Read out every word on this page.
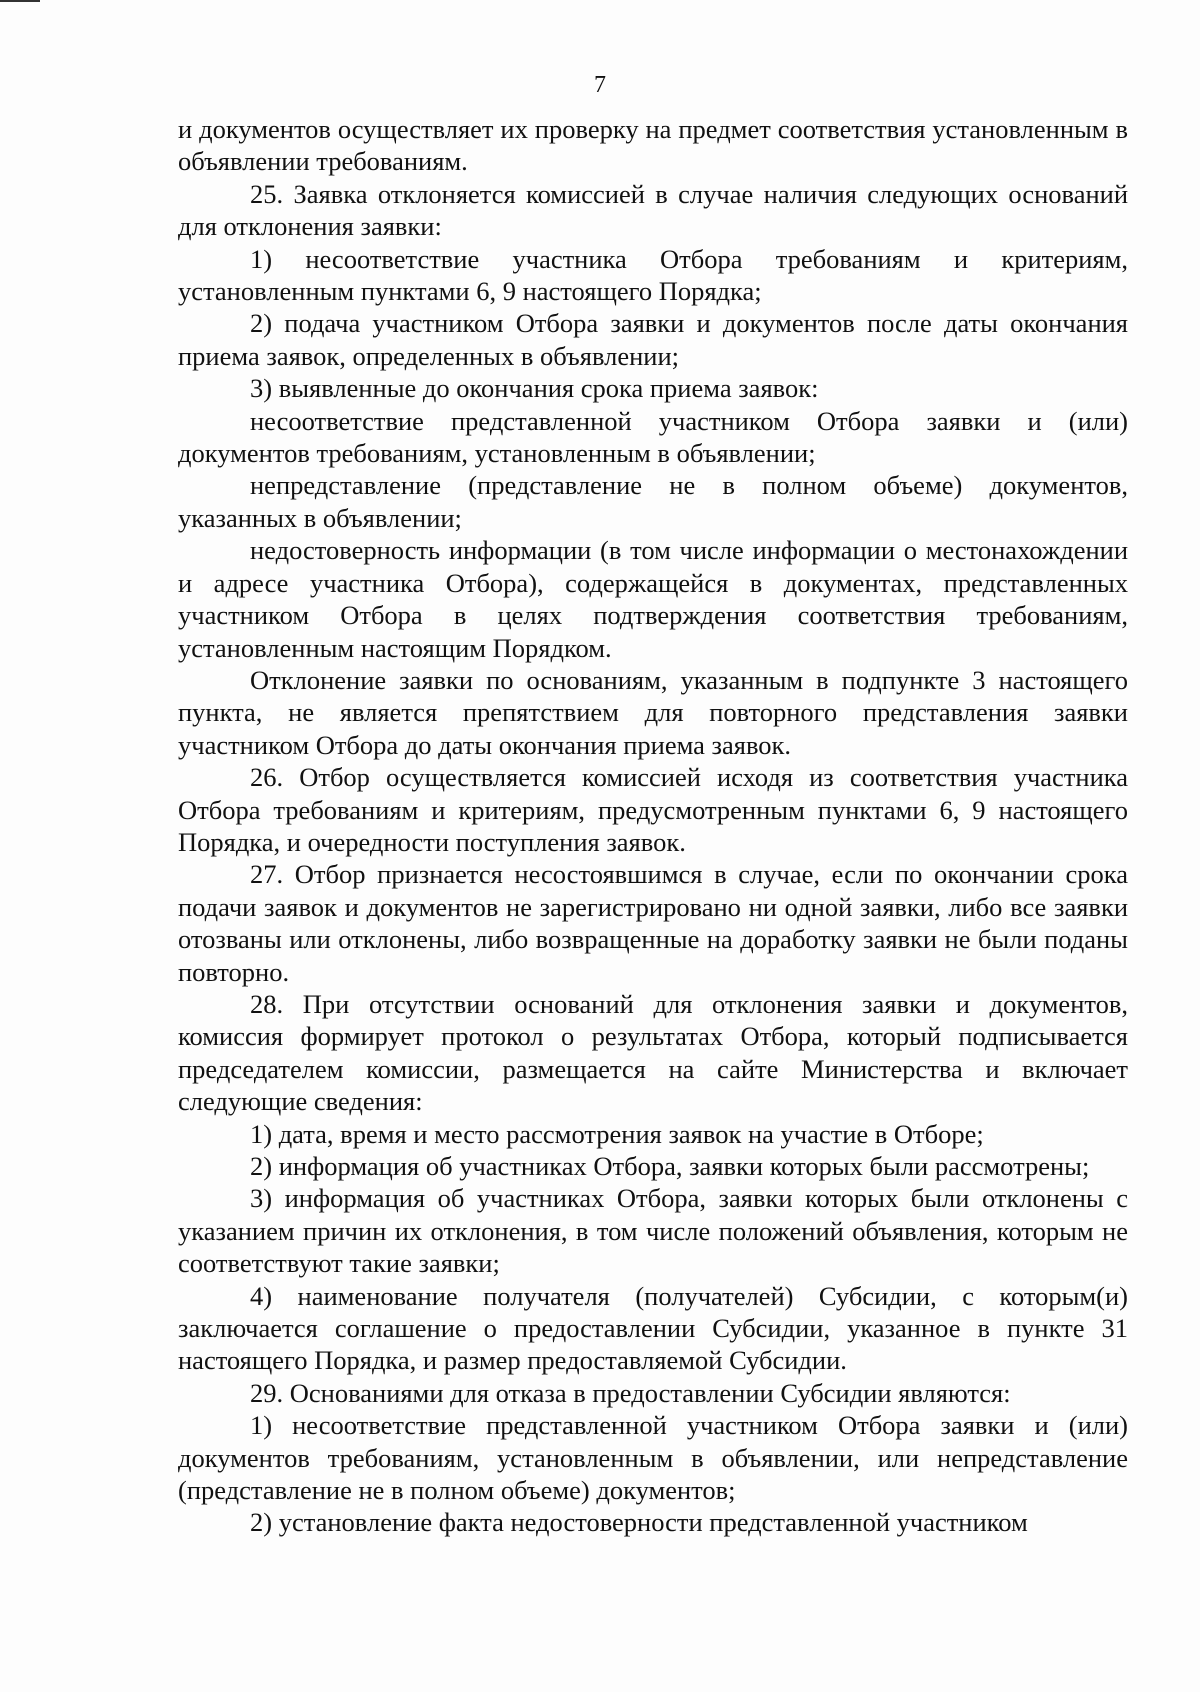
7

и документов осуществляет их проверку на предмет соответствия установленным в объявлении требованиям.

25. Заявка отклоняется комиссией в случае наличия следующих оснований для отклонения заявки:

1) несоответствие участника Отбора требованиям и критериям, установленным пунктами 6, 9 настоящего Порядка;

2) подача участником Отбора заявки и документов после даты окончания приема заявок, определенных в объявлении;

3) выявленные до окончания срока приема заявок:

несоответствие представленной участником Отбора заявки и (или) документов требованиям, установленным в объявлении;

непредставление (представление не в полном объеме) документов, указанных в объявлении;

недостоверность информации (в том числе информации о местонахождении и адресе участника Отбора), содержащейся в документах, представленных участником Отбора в целях подтверждения соответствия требованиям, установленным настоящим Порядком.

Отклонение заявки по основаниям, указанным в подпункте 3 настоящего пункта, не является препятствием для повторного представления заявки участником Отбора до даты окончания приема заявок.

26. Отбор осуществляется комиссией исходя из соответствия участника Отбора требованиям и критериям, предусмотренным пунктами 6, 9 настоящего Порядка, и очередности поступления заявок.

27. Отбор признается несостоявшимся в случае, если по окончании срока подачи заявок и документов не зарегистрировано ни одной заявки, либо все заявки отозваны или отклонены, либо возвращенные на доработку заявки не были поданы повторно.

28. При отсутствии оснований для отклонения заявки и документов, комиссия формирует протокол о результатах Отбора, который подписывается председателем комиссии, размещается на сайте Министерства и включает следующие сведения:

1) дата, время и место рассмотрения заявок на участие в Отборе;

2) информация об участниках Отбора, заявки которых были рассмотрены;

3) информация об участниках Отбора, заявки которых были отклонены с указанием причин их отклонения, в том числе положений объявления, которым не соответствуют такие заявки;

4) наименование получателя (получателей) Субсидии, с которым(и) заключается соглашение о предоставлении Субсидии, указанное в пункте 31 настоящего Порядка, и размер предоставляемой Субсидии.

29. Основаниями для отказа в предоставлении Субсидии являются:

1) несоответствие представленной участником Отбора заявки и (или) документов требованиям, установленным в объявлении, или непредставление (представление не в полном объеме) документов;

2) установление факта недостоверности представленной участником
